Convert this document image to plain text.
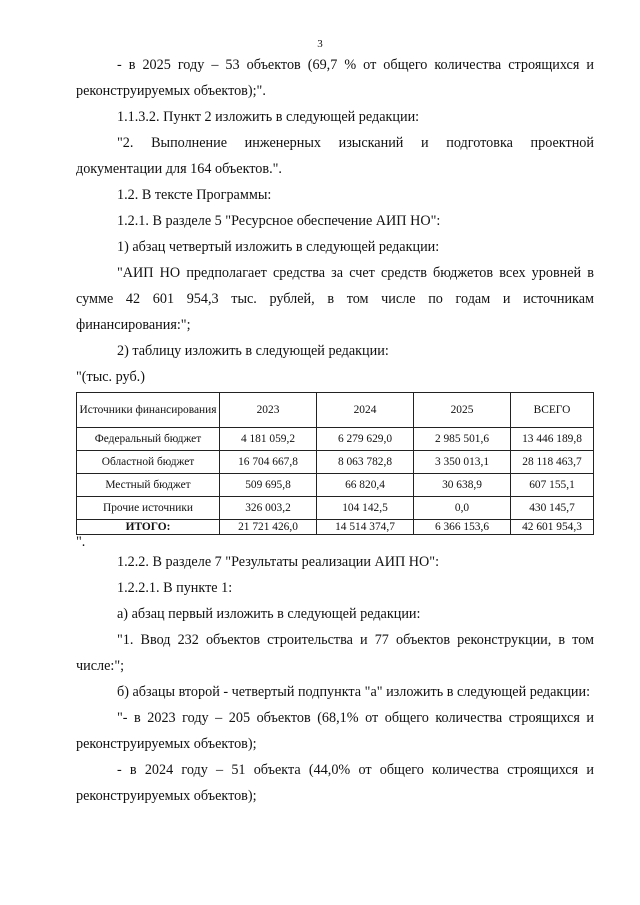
3

- в 2025 году – 53 объектов (69,7 % от общего количества строящихся и реконструируемых объектов);".

1.1.3.2. Пункт 2 изложить в следующей редакции:

"2. Выполнение инженерных изысканий и подготовка проектной документации для 164 объектов.".

1.2. В тексте Программы:

1.2.1. В разделе 5 "Ресурсное обеспечение АИП НО":

1) абзац четвертый изложить в следующей редакции:

"АИП НО предполагает средства за счет средств бюджетов всех уровней в сумме 42 601 954,3 тыс. рублей, в том числе по годам и источникам финансирования:";

2) таблицу изложить в следующей редакции:

"(тыс. руб.)

Источники финансирования	2023	2024	2025	ВСЕГО
Федеральный бюджет	4 181 059,2	6 279 629,0	2 985 501,6	13 446 189,8
Областной бюджет	16 704 667,8	8 063 782,8	3 350 013,1	28 118 463,7
Местный бюджет	509 695,8	66 820,4	30 638,9	607 155,1
Прочие источники	326 003,2	104 142,5	0,0	430 145,7
ИТОГО:	21 721 426,0	14 514 374,7	6 366 153,6	42 601 954,3

".

1.2.2. В разделе 7 "Результаты реализации АИП НО":

1.2.2.1. В пункте 1:

а) абзац первый изложить в следующей редакции:

"1. Ввод 232 объектов строительства и 77 объектов реконструкции, в том числе:";

б) абзацы второй - четвертый подпункта "а" изложить в следующей редакции:

"- в 2023 году – 205 объектов (68,1% от общего количества строящихся и реконструируемых объектов);

- в 2024 году – 51 объекта (44,0% от общего количества строящихся и реконструируемых объектов);
